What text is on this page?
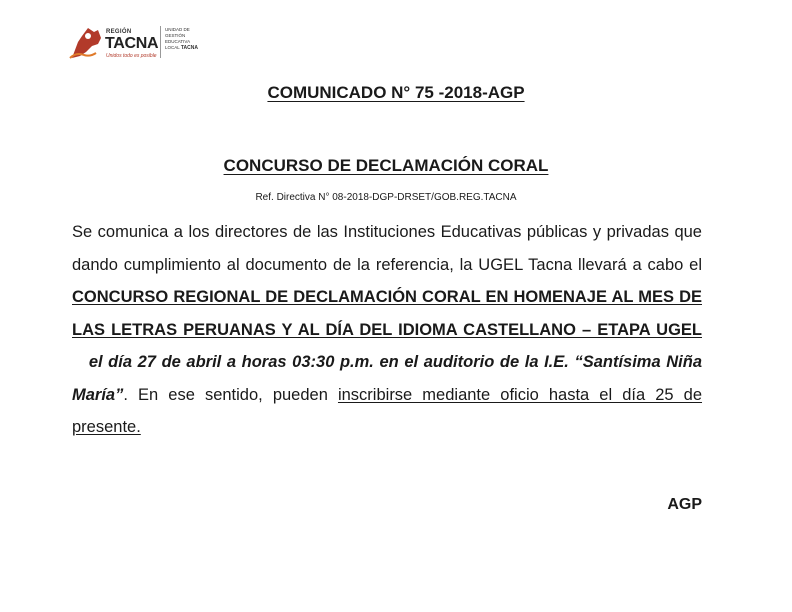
REGIÓN
TACNA
Unidos todo es posible
UNIDAD DE
GESTIÓN
EDUCATIVA
LOCAL TACNA
COMUNICADO N° 75 -2018-AGP
CONCURSO DE DECLAMACIÓN CORAL
Ref. Directiva N° 08-2018-DGP-DRSET/GOB.REG.TACNA
Se comunica a los directores de las Instituciones Educativas públicas y privadas que dando cumplimiento al documento de la referencia, la UGEL Tacna llevará a cabo el CONCURSO REGIONAL DE DECLAMACIÓN CORAL EN HOMENAJE AL MES DE LAS LETRAS PERUANAS Y AL DÍA DEL IDIOMA CASTELLANO – ETAPA UGEL   el día 27 de abril a horas 03:30 p.m. en el auditorio de la I.E. “Santísima Niña María”. En ese sentido, pueden inscribirse mediante oficio hasta el día 25 de presente.
AGP
